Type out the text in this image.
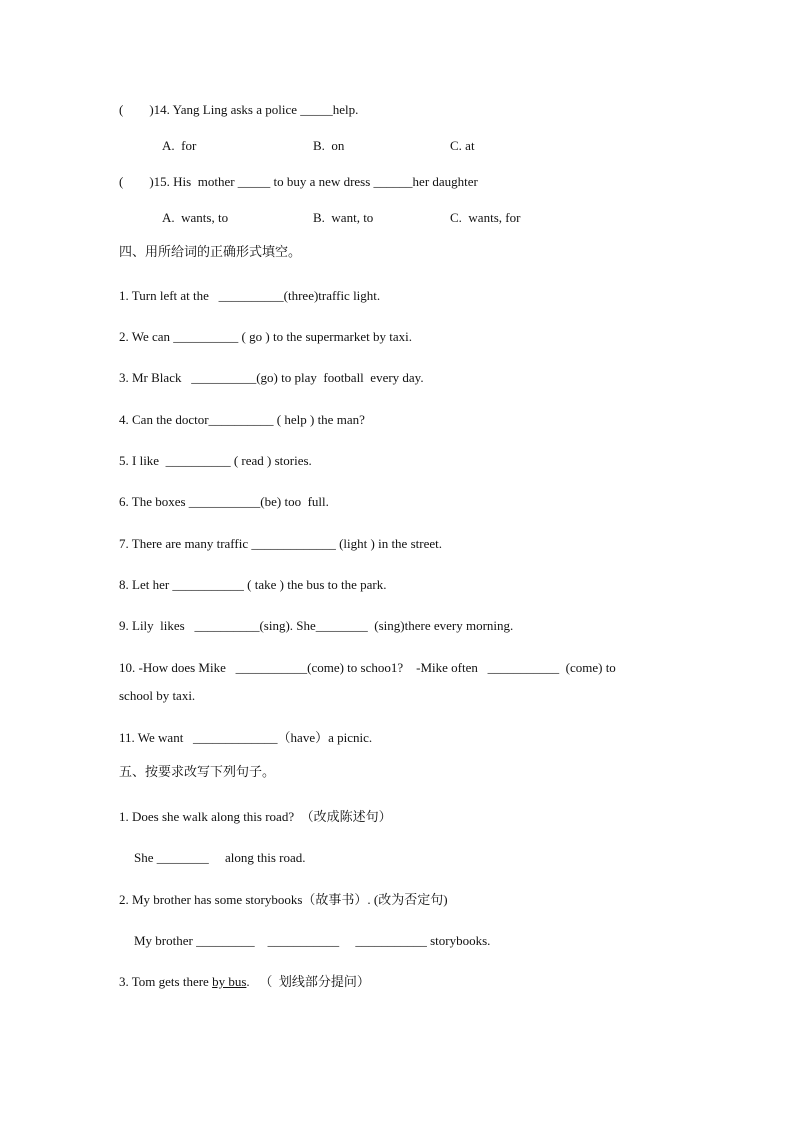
(        )14. Yang Ling asks a police _____help.
A.  for	B.  on	C. at
(        )15. His  mother _____ to buy a new dress ______her daughter
A.  wants, to	B.  want, to	C.  wants, for
四、用所给词的正确形式填空。
1. Turn left at the   __________(three)traffic light.
2. We can __________ ( go ) to the supermarket by taxi.
3. Mr Black   __________(go) to play  football  every day.
4. Can the doctor__________ ( help ) the man?
5. I like  __________ ( read ) stories.
6. The boxes ___________(be) too  full.
7. There are many traffic _____________ (light ) in the street.
8. Let her ___________ ( take ) the bus to the park.
9. Lily  likes   __________(sing). She________  (sing)there every morning.
10. -How does Mike   ___________(come) to schoo1?    -Mike often   ___________  (come) to
school by taxi.
11. We want   _____________（have）a picnic.
五、按要求改写下列句子。
1. Does she walk along this road?  （改成陈述句）
She ________     along this road.
2. My brother has some storybooks（故事书）. (改为否定句)
My brother _________    ___________     ___________ storybooks.
3. Tom gets there by bus.   （  划线部分提问）
